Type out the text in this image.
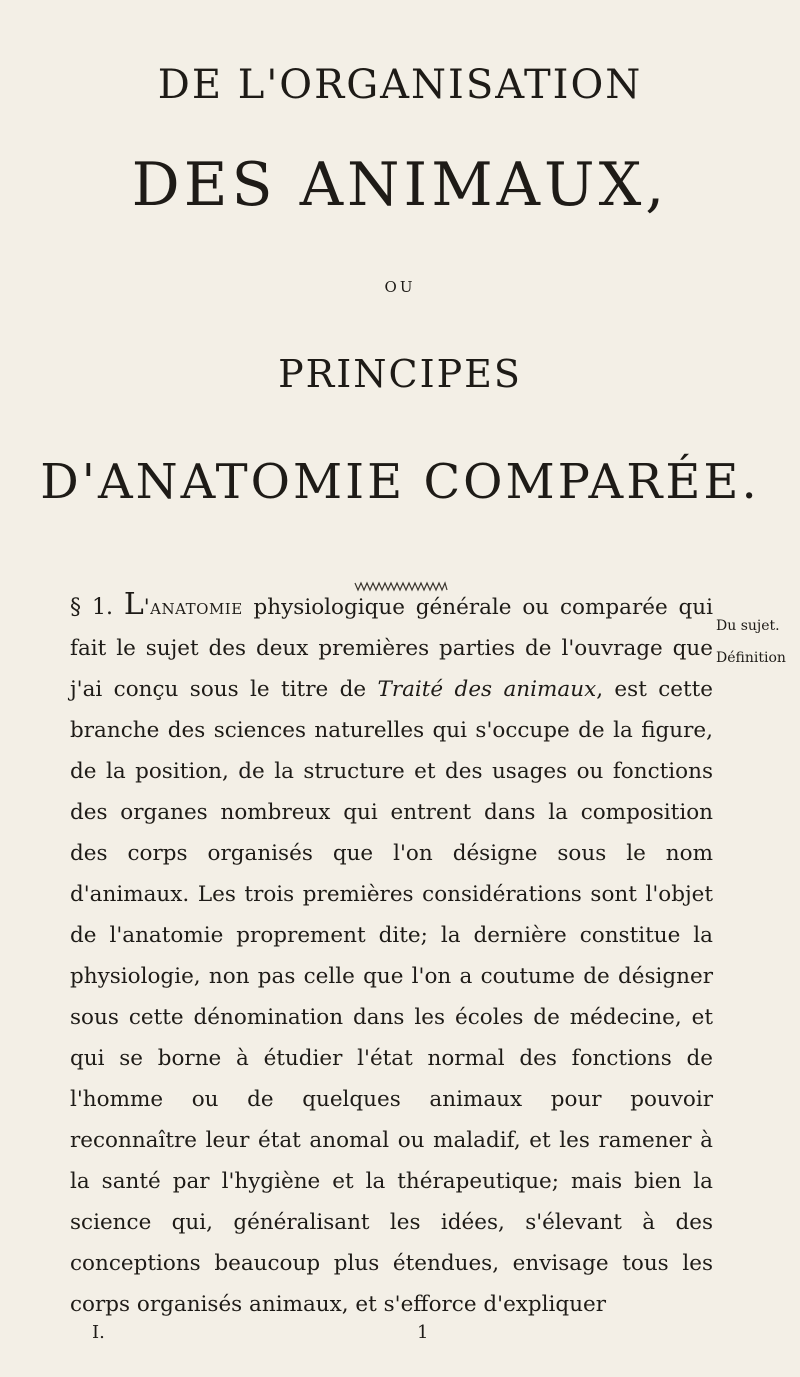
DE L'ORGANISATION
DES ANIMAUX,
OU
PRINCIPES
D'ANATOMIE COMPARÉE.

§ 1. L'anatomie physiologique générale ou comparée qui fait le sujet des deux premières parties de l'ouvrage que j'ai conçu sous le titre de Traité des animaux, est cette branche des sciences naturelles qui s'occupe de la figure, de la position, de la structure et des usages ou fonctions des organes nombreux qui entrent dans la composition des corps organisés que l'on désigne sous le nom d'animaux. Les trois premières considérations sont l'objet de l'anatomie proprement dite; la dernière constitue la physiologie, non pas celle que l'on a coutume de désigner sous cette dénomination dans les écoles de médecine, et qui se borne à étudier l'état normal des fonctions de l'homme ou de quelques animaux pour pouvoir reconnaître leur état anomal ou maladif, et les ramener à la santé par l'hygiène et la thérapeutique; mais bien la science qui, généralisant les idées, s'élevant à des conceptions beaucoup plus étendues, envisage tous les corps organisés animaux, et s'efforce d'expliquer

Du sujet.
Définition
I.	1
